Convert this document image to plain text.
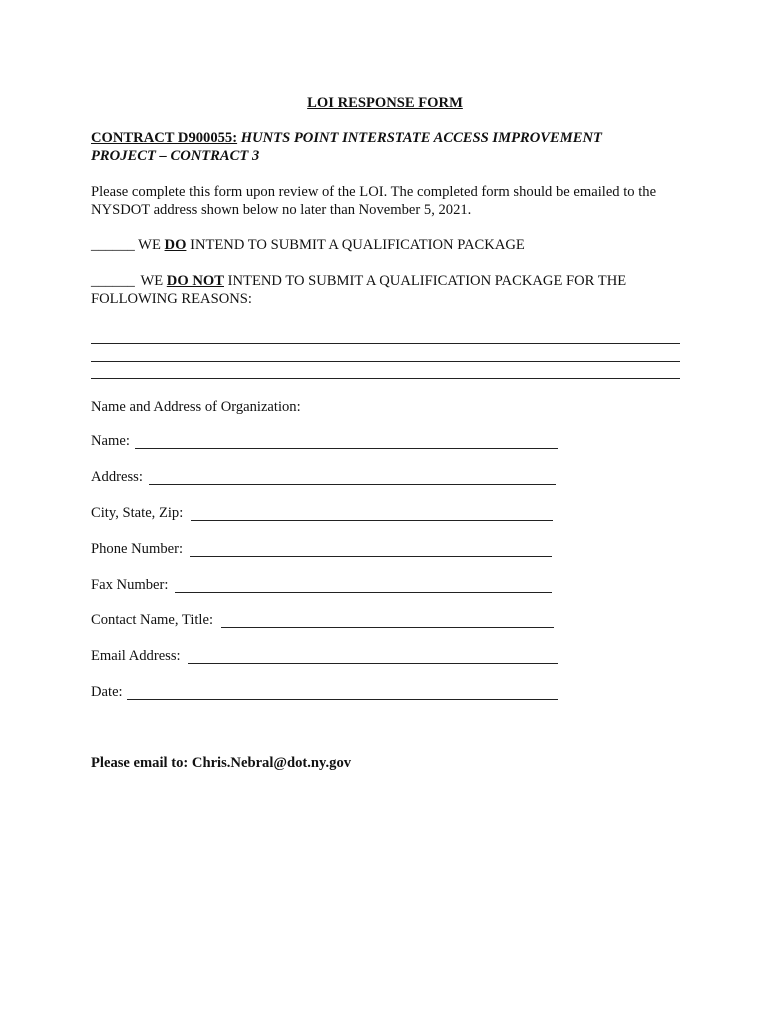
LOI RESPONSE FORM
CONTRACT D900055: HUNTS POINT INTERSTATE ACCESS IMPROVEMENT
PROJECT – CONTRACT 3
Please complete this form upon review of the LOI. The completed form should be emailed to the NYSDOT address shown below no later than November 5, 2021.
______ WE DO INTEND TO SUBMIT A QUALIFICATION PACKAGE
______ WE DO NOT INTEND TO SUBMIT A QUALIFICATION PACKAGE FOR THE
FOLLOWING REASONS:
Name and Address of Organization:
Name:
Address:
City, State, Zip:
Phone Number:
Fax Number:
Contact Name, Title:
Email Address:
Date:
Please email to: Chris.Nebral@dot.ny.gov
